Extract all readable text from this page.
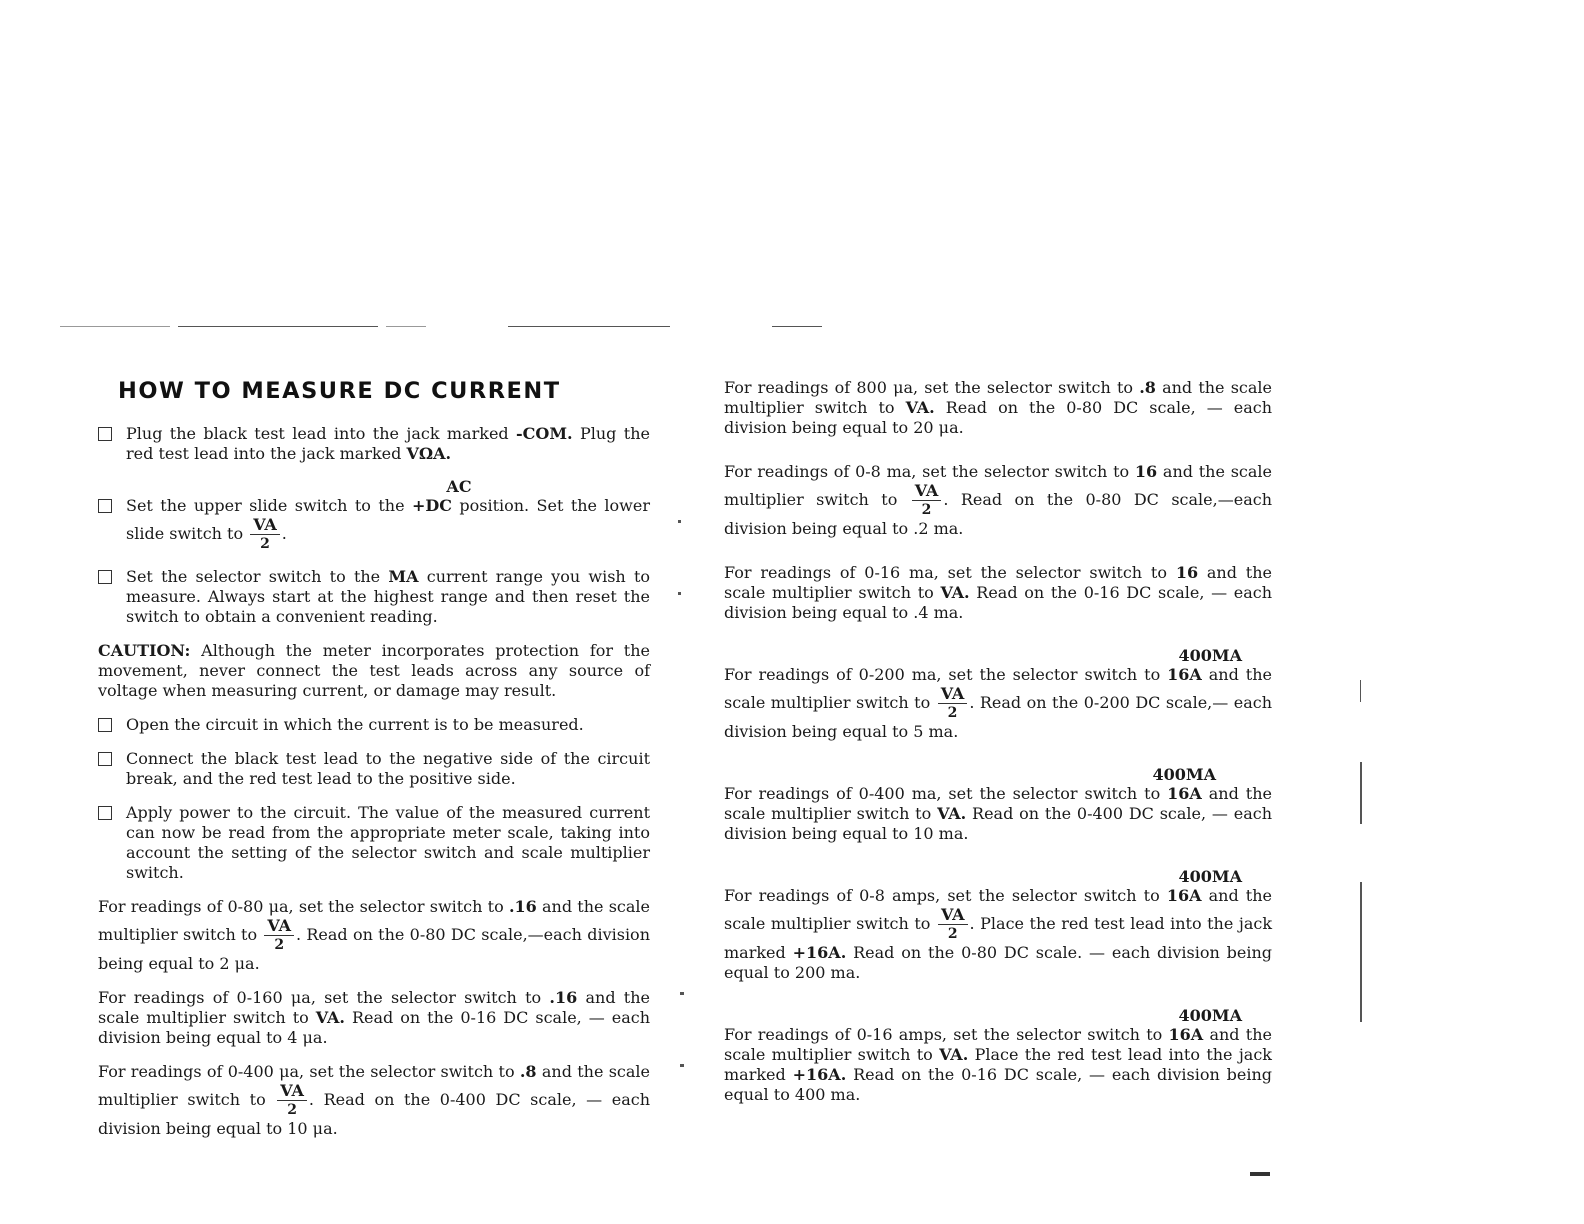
HOW TO MEASURE DC CURRENT
Plug the black test lead into the jack marked -COM. Plug the red test lead into the jack marked VΩA.
AC
Set the upper slide switch to the +DC position. Set the lower slide switch to $\frac{VA}{2}$ .
Set the selector switch to the MA current range you wish to measure. Always start at the highest range and then reset the switch to obtain a convenient reading.
CAUTION: Although the meter incorporates protection for the movement, never connect the test leads across any source of voltage when measuring current, or damage may result.
Open the circuit in which the current is to be measured.
Connect the black test lead to the negative side of the circuit break, and the red test lead to the positive side.
Apply power to the circuit. The value of the measured current can now be read from the appropriate meter scale, taking into account the setting of the selector switch and scale multiplier switch.
For readings of 0-80 μa, set the selector switch to .16 and the scale multiplier switch to $\frac{VA}{2}$ . Read on the 0-80 DC scale,—each division being equal to 2 μa.
For readings of 0-160 μa, set the selector switch to .16 and the scale multiplier switch to VA. Read on the 0-16 DC scale, — each division being equal to 4 μa.
For readings of 0-400 μa, set the selector switch to .8 and the scale multiplier switch to $\frac{VA}{2}$ . Read on the 0-400 DC scale, — each division being equal to 10 μa.
For readings of 800 μa, set the selector switch to .8 and the scale multiplier switch to VA. Read on the 0-80 DC scale, — each division being equal to 20 μa.
For readings of 0-8 ma, set the selector switch to 16 and the scale multiplier switch to $\frac{VA}{2}$ . Read on the 0-80 DC scale,—each division being equal to .2 ma.
For readings of 0-16 ma, set the selector switch to 16 and the scale multiplier switch to VA. Read on the 0-16 DC scale, — each division being equal to .4 ma.
400MA
For readings of 0-200 ma, set the selector switch to 16A and the scale multiplier switch to $\frac{VA}{2}$ . Read on the 0-200 DC scale,— each division being equal to 5 ma.
400MA
For readings of 0-400 ma, set the selector switch to 16A and the scale multiplier switch to VA. Read on the 0-400 DC scale, — each division being equal to 10 ma.
400MA
For readings of 0-8 amps, set the selector switch to 16A and the scale multiplier switch to $\frac{VA}{2}$ . Place the red test lead into the jack marked +16A. Read on the 0-80 DC scale. — each division being equal to 200 ma.
400MA
For readings of 0-16 amps, set the selector switch to 16A and the scale multiplier switch to VA. Place the red test lead into the jack marked +16A. Read on the 0-16 DC scale, — each division being equal to 400 ma.
